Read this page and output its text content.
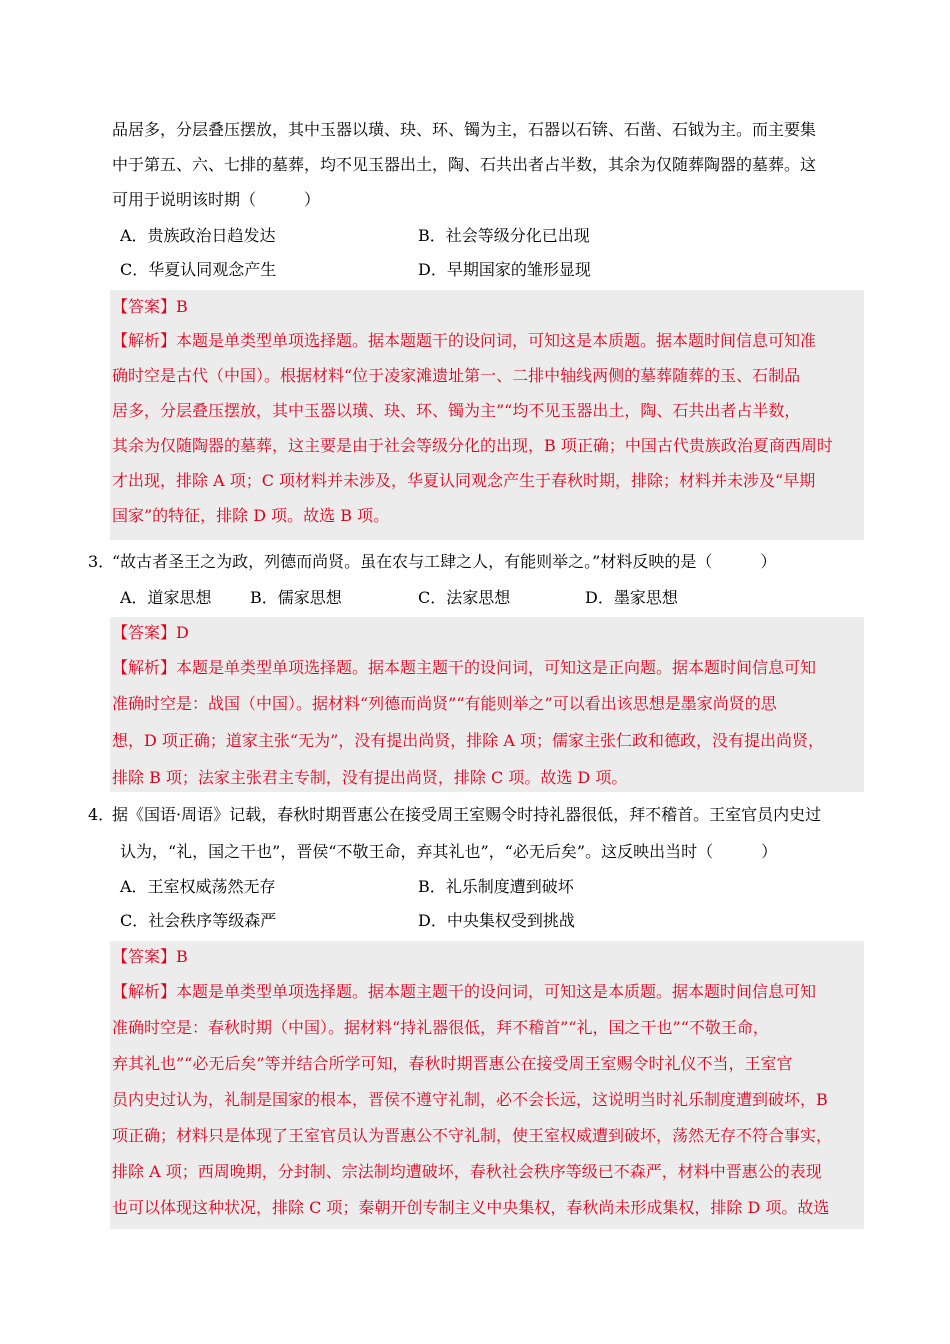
品居多，分层叠压摆放，其中玉器以璜、玦、环、镯为主，石器以石锛、石凿、石钺为主。而主要集
中于第五、六、七排的墓葬，均不见玉器出土，陶、石共出者占半数，其余为仅随葬陶器的墓葬。这
可用于说明该时期（　　　）
A．贵族政治日趋发达	B．社会等级分化已出现
C．华夏认同观念产生	D．早期国家的雏形显现
【答案】B
【解析】本题是单类型单项选择题。据本题题干的设问词，可知这是本质题。据本题时间信息可知准
确时空是古代（中国）。根据材料“位于凌家滩遗址第一、二排中轴线两侧的墓葬随葬的玉、石制品
居多，分层叠压摆放，其中玉器以璜、玦、环、镯为主”“均不见玉器出土，陶、石共出者占半数，
其余为仅随陶器的墓葬，这主要是由于社会等级分化的出现，B 项正确；中国古代贵族政治夏商西周时
才出现，排除 A 项；C 项材料并未涉及，华夏认同观念产生于春秋时期，排除；材料并未涉及“早期
国家”的特征，排除 D 项。故选 B 项。
3．
“故古者圣王之为政，列德而尚贤。虽在农与工肆之人，有能则举之。”材料反映的是（　　　）
A．道家思想 B．儒家思想	C．法家思想	D．墨家思想
【答案】D
【解析】本题是单类型单项选择题。据本题主题干的设问词，可知这是正向题。据本题时间信息可知
准确时空是：战国（中国）。据材料“列德而尚贤”“有能则举之”可以看出该思想是墨家尚贤的思
想，D 项正确；道家主张“无为”，没有提出尚贤，排除 A 项；儒家主张仁政和德政，没有提出尚贤，
排除 B 项；法家主张君主专制，没有提出尚贤，排除 C 项。故选 D 项。
4．
据《国语·周语》记载，春秋时期晋惠公在接受周王室赐令时持礼器很低，拜不稽首。王室官员内史过
认为，“礼，国之干也”，晋侯“不敬王命，弃其礼也”，“必无后矣”。这反映出当时（　　　）
A．王室权威荡然无存	B．礼乐制度遭到破坏
C．社会秩序等级森严	D．中央集权受到挑战
【答案】B
【解析】本题是单类型单项选择题。据本题主题干的设问词，可知这是本质题。据本题时间信息可知
准确时空是：春秋时期（中国）。据材料“持礼器很低，拜不稽首”“礼，国之干也”“不敬王命，
弃其礼也”“必无后矣”等并结合所学可知，春秋时期晋惠公在接受周王室赐令时礼仪不当，王室官
员内史过认为，礼制是国家的根本，晋侯不遵守礼制，必不会长远，这说明当时礼乐制度遭到破坏，B
项正确；材料只是体现了王室官员认为晋惠公不守礼制，使王室权威遭到破坏，荡然无存不符合事实，
排除 A 项；西周晚期，分封制、宗法制均遭破坏，春秋社会秩序等级已不森严，材料中晋惠公的表现
也可以体现这种状况，排除 C 项；秦朝开创专制主义中央集权，春秋尚未形成集权，排除 D 项。故选
